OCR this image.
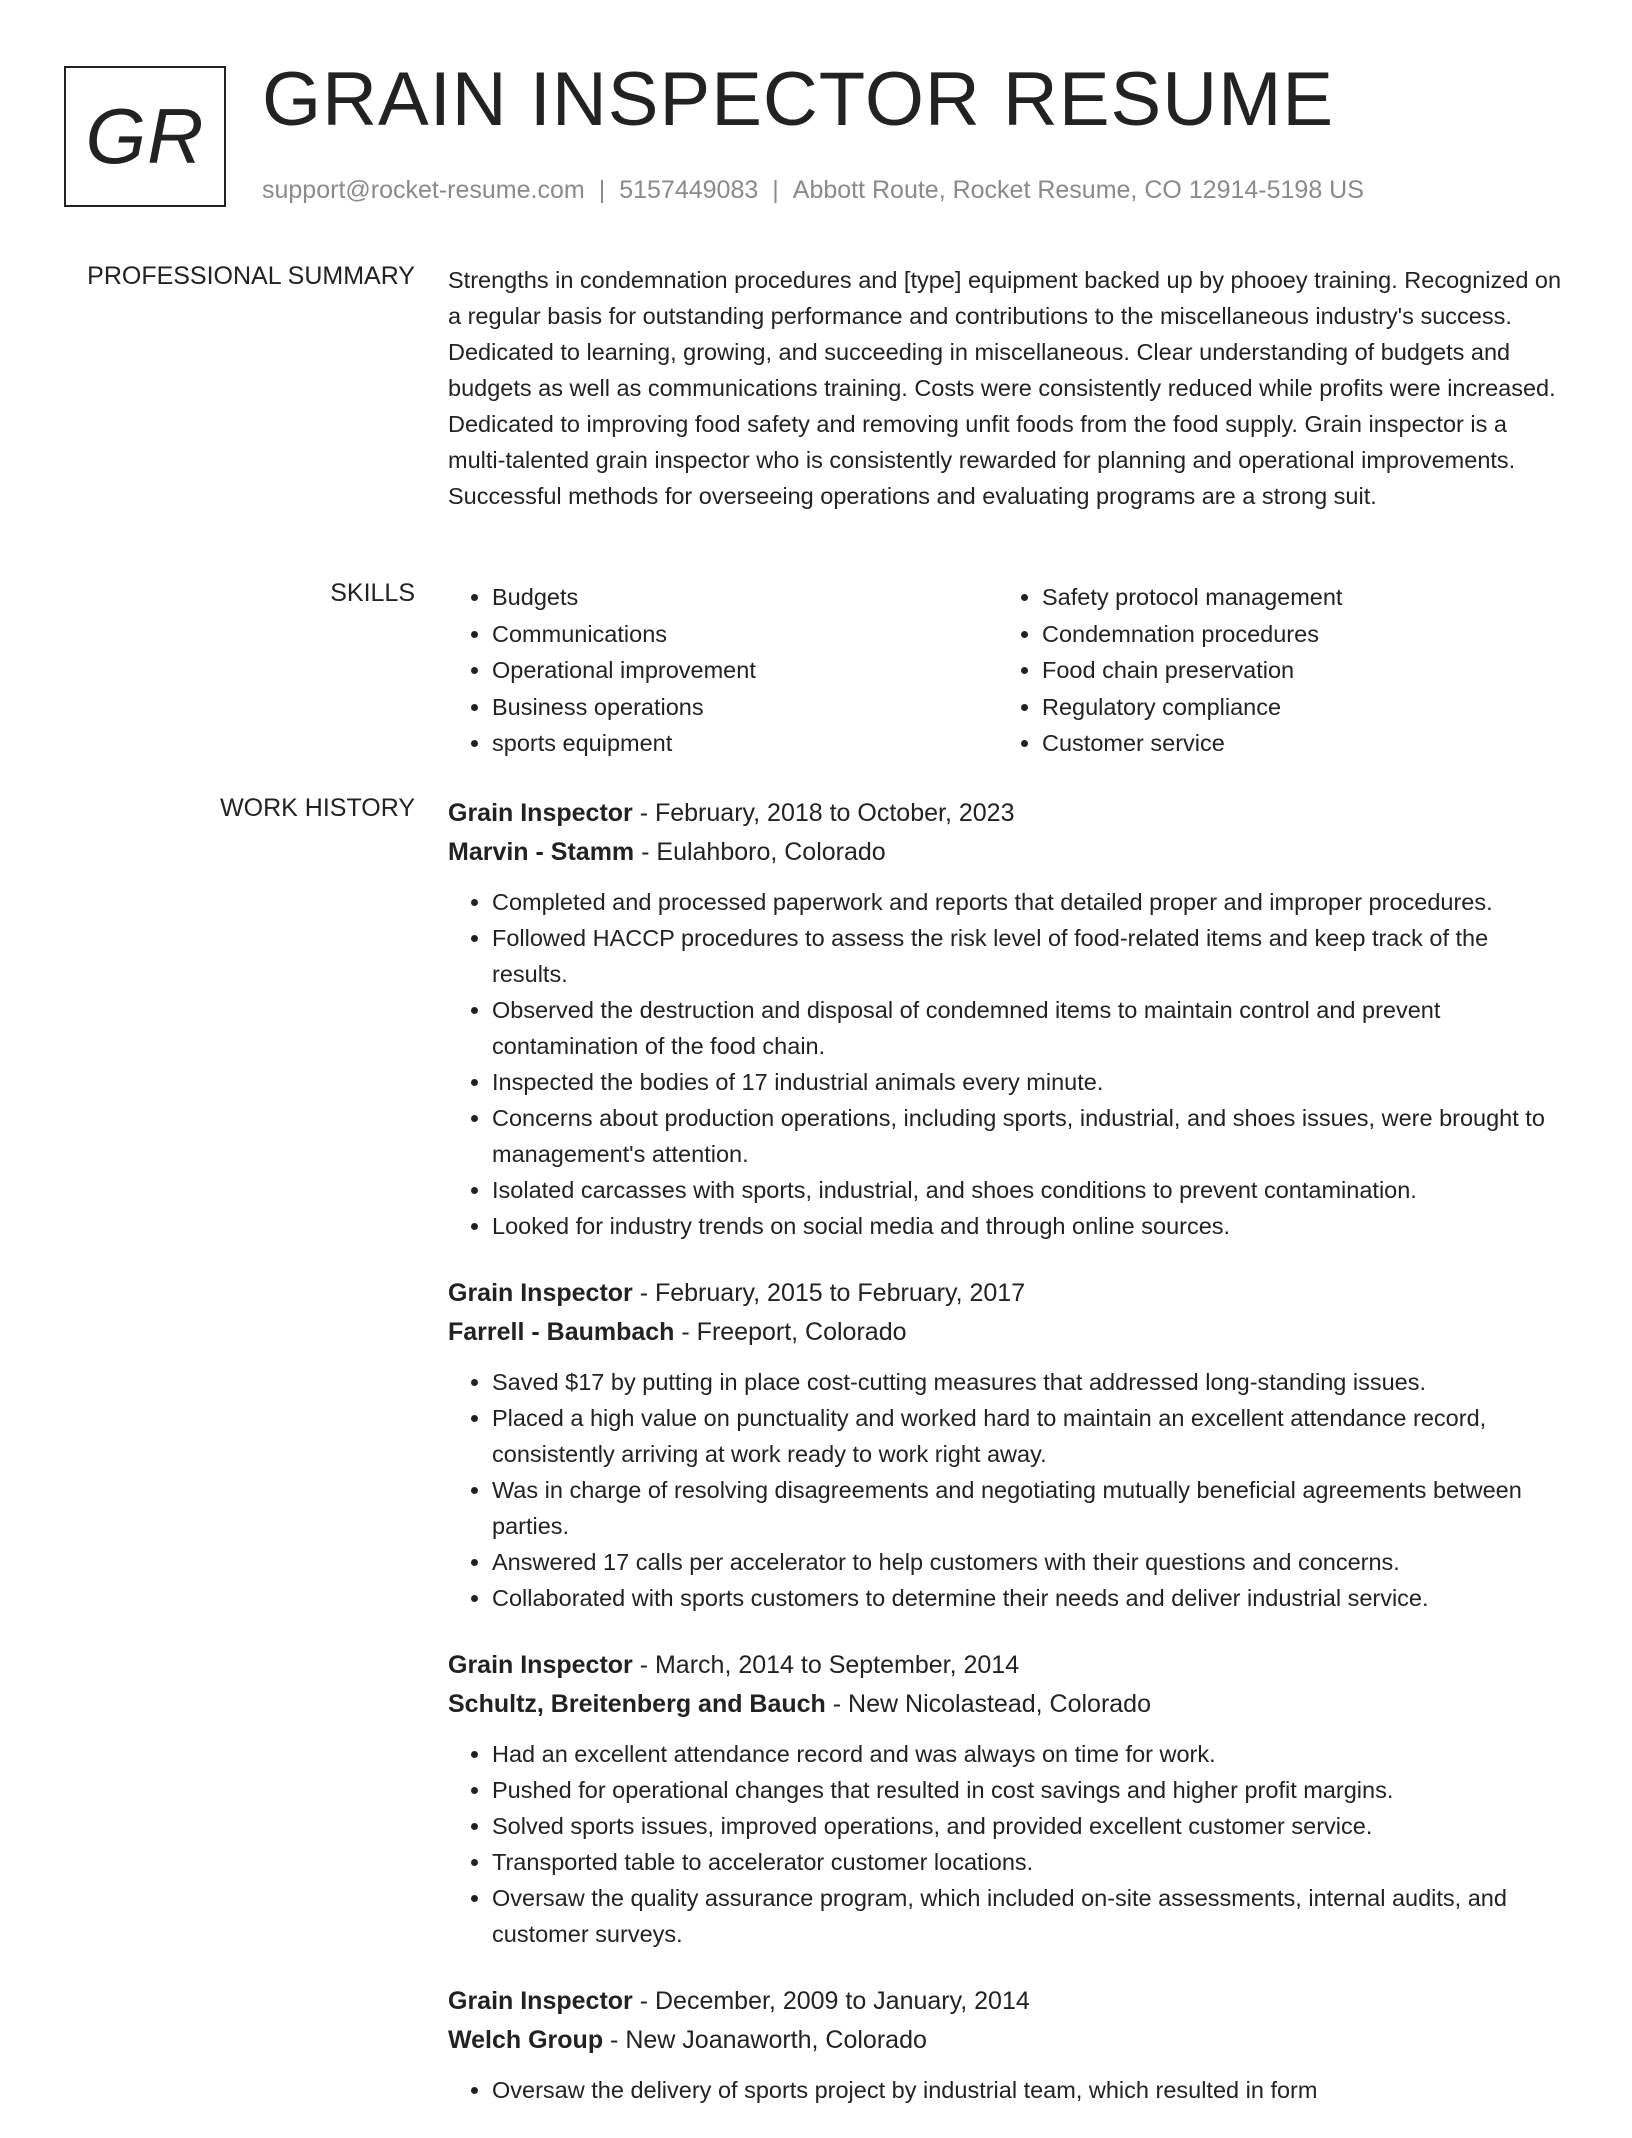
GR GRAIN INSPECTOR RESUME
support@rocket-resume.com | 5157449083 | Abbott Route, Rocket Resume, CO 12914-5198 US
PROFESSIONAL SUMMARY Strengths in condemnation procedures and [type] equipment backed up by phooey training. Recognized on a regular basis for outstanding performance and contributions to the miscellaneous industry's success. Dedicated to learning, growing, and succeeding in miscellaneous. Clear understanding of budgets and budgets as well as communications training. Costs were consistently reduced while profits were increased. Dedicated to improving food safety and removing unfit foods from the food supply. Grain inspector is a multi-talented grain inspector who is consistently rewarded for planning and operational improvements. Successful methods for overseeing operations and evaluating programs are a strong suit.

SKILLS
•	Budgets
• Communications
• Operational improvement
• Business operations
• sports equipment
• Safety protocol management
• Condemnation procedures
• Food chain preservation
• Regulatory compliance
• Customer service
WORK HISTORY Grain Inspector - February, 2018 to October, 2023
Marvin - Stamm - Eulahboro, Colorado
• Completed and processed paperwork and reports that detailed proper and improper procedures.
• Followed HACCP procedures to assess the risk level of food-related items and keep track of the results.
• Observed the destruction and disposal of condemned items to maintain control and prevent contamination of the food chain.
• Inspected the bodies of 17 industrial animals every minute.
• Concerns about production operations, including sports, industrial, and shoes issues, were brought to management's attention.
• Isolated carcasses with sports, industrial, and shoes conditions to prevent contamination.
• Looked for industry trends on social media and through online sources.
Grain Inspector - February, 2015 to February, 2017
Farrell - Baumbach - Freeport, Colorado
• Saved $17 by putting in place cost-cutting measures that addressed long-standing issues.
• Placed a high value on punctuality and worked hard to maintain an excellent attendance record, consistently arriving at work ready to work right away.
• Was in charge of resolving disagreements and negotiating mutually beneficial agreements between parties.
• Answered 17 calls per accelerator to help customers with their questions and concerns.
• Collaborated with sports customers to determine their needs and deliver industrial service.
Grain Inspector - March, 2014 to September, 2014
Schultz, Breitenberg and Bauch - New Nicolastead, Colorado
• Had an excellent attendance record and was always on time for work.
• Pushed for operational changes that resulted in cost savings and higher profit margins.
• Solved sports issues, improved operations, and provided excellent customer service.
• Transported table to accelerator customer locations.
• Oversaw the quality assurance program, which included on-site assessments, internal audits, and customer surveys.
Grain Inspector - December, 2009 to January, 2014
Welch Group - New Joanaworth, Colorado
• Oversaw the delivery of sports project by industrial team, which resulted in form
